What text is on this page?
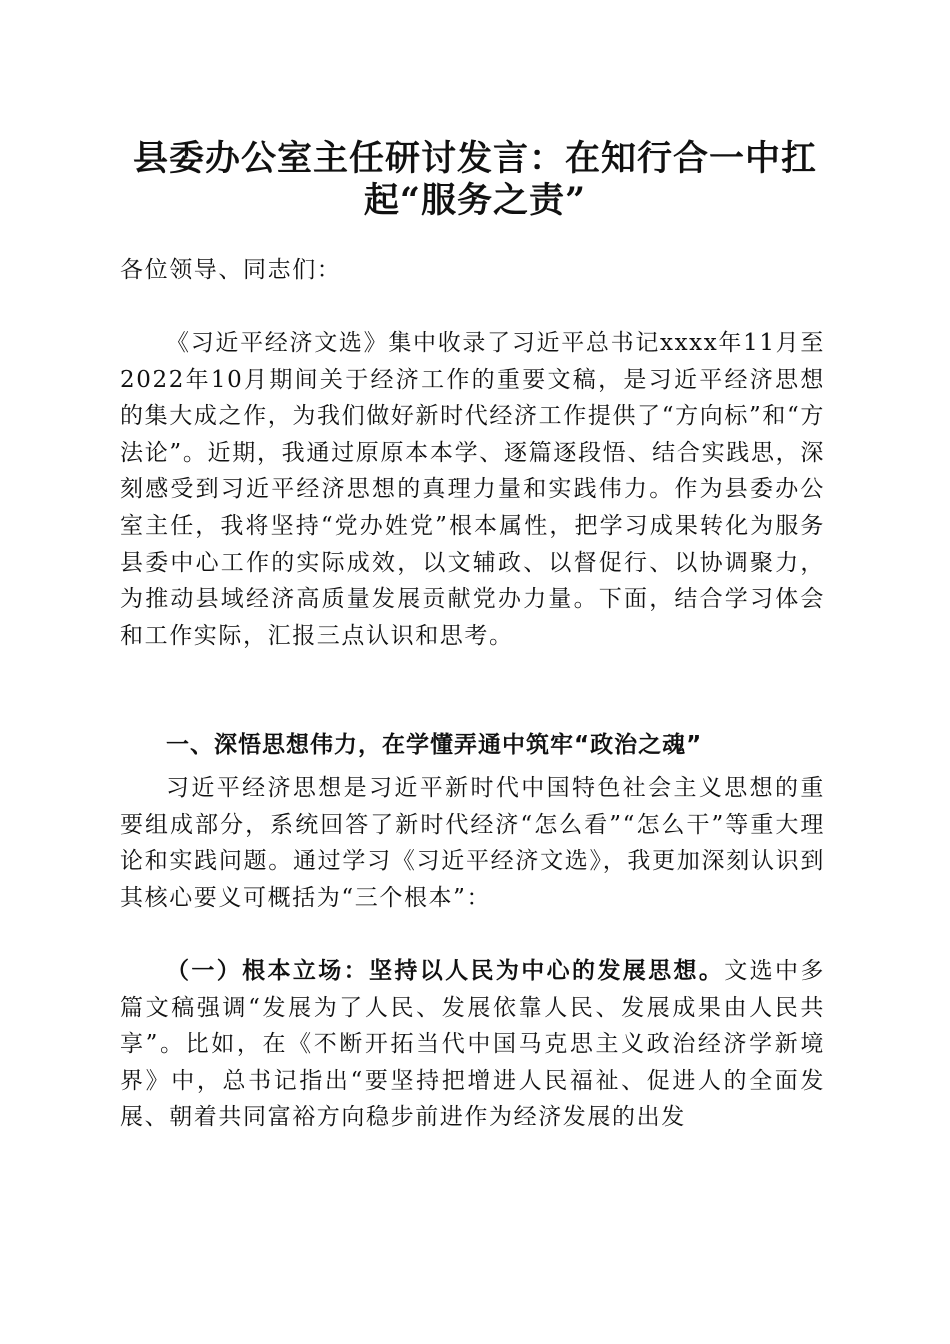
县委办公室主任研讨发言：在知行合一中扛
起“服务之责”

各位领导、同志们：

《习近平经济文选》集中收录了习近平总书记xxxx年11月至2022年10月期间关于经济工作的重要文稿，是习近平经济思想的集大成之作，为我们做好新时代经济工作提供了“方向标”和“方法论”。近期，我通过原原本本学、逐篇逐段悟、结合实践思，深刻感受到习近平经济思想的真理力量和实践伟力。作为县委办公室主任，我将坚持“党办姓党”根本属性，把学习成果转化为服务县委中心工作的实际成效，以文辅政、以督促行、以协调聚力，为推动县域经济高质量发展贡献党办力量。下面，结合学习体会和工作实际，汇报三点认识和思考。

一、深悟思想伟力，在学懂弄通中筑牢“政治之魂”

习近平经济思想是习近平新时代中国特色社会主义思想的重要组成部分，系统回答了新时代经济“怎么看”“怎么干”等重大理论和实践问题。通过学习《习近平经济文选》，我更加深刻认识到其核心要义可概括为“三个根本”：

（一）根本立场：坚持以人民为中心的发展思想。文选中多篇文稿强调“发展为了人民、发展依靠人民、发展成果由人民共享”。比如，在《不断开拓当代中国马克思主义政治经济学新境界》中，总书记指出“要坚持把增进人民福祉、促进人的全面发展、朝着共同富裕方向稳步前进作为经济发展的出发
